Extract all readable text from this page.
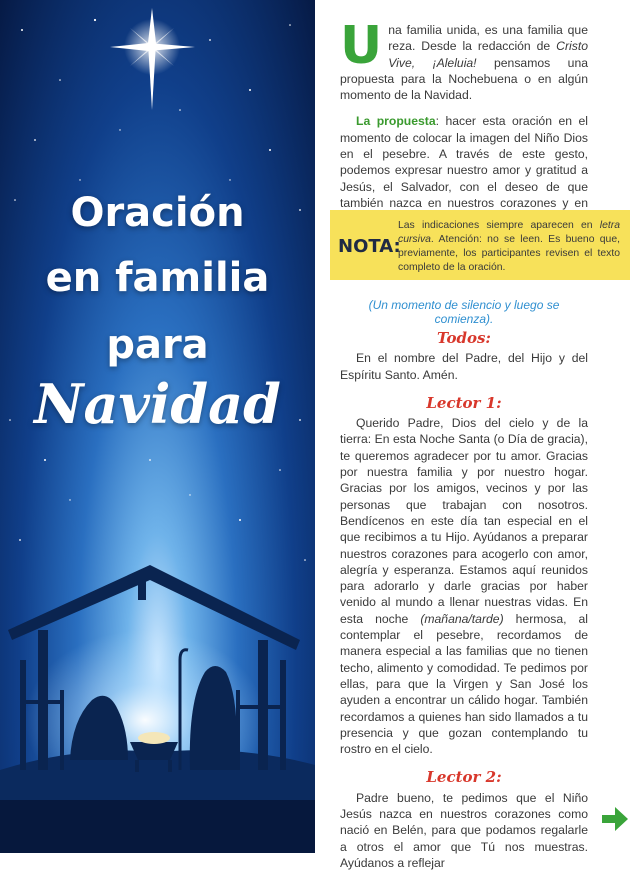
Oración
en familia
para
Navidad

Una familia unida, es una familia que reza. Desde la redacción de Cristo Vive, ¡Aleluia! pensamos una propuesta para la Nochebuena o en algún momento de la Navidad.

La propuesta: hacer esta oración en el momento de colocar la imagen del Niño Dios en el pesebre. A través de este gesto, podemos expresar nuestro amor y gratitud a Jesús, el Salvador, con el deseo de que también nazca en nuestros corazones y en

NOTA:

Las indicaciones siempre aparecen en letra cursiva. Atención: no se leen. Es bueno que, previamente, los participantes revisen el texto completo de la oración.

(Un momento de silencio y luego se comienza).

Todos:

En el nombre del Padre, del Hijo y del Espíritu Santo. Amén.

Lector 1:

Querido Padre, Dios del cielo y de la tierra: En esta Noche Santa (o Día de gracia), te queremos agradecer por tu amor. Gracias por nuestra familia y por nuestro hogar. Gracias por los amigos, vecinos y por las personas que trabajan con nosotros. Bendícenos en este día tan especial en el que recibimos a tu Hijo. Ayúdanos a preparar nuestros corazones para acogerlo con amor, alegría y esperanza. Estamos aquí reunidos para adorarlo y darle gracias por haber venido al mundo a llenar nuestras vidas. En esta noche (mañana/tarde) hermosa, al contemplar el pesebre, recordamos de manera especial a las familias que no tienen techo, alimento y comodidad. Te pedimos por ellas, para que la Virgen y San José los ayuden a encontrar un cálido hogar. También recordamos a quienes han sido llamados a tu presencia y que gozan contemplando tu rostro en el cielo.

Lector 2:

Padre bueno, te pedimos que el Niño Jesús nazca en nuestros corazones como nació en Belén, para que podamos regalarle a otros el amor que Tú nos muestras. Ayúdanos a reflejar
